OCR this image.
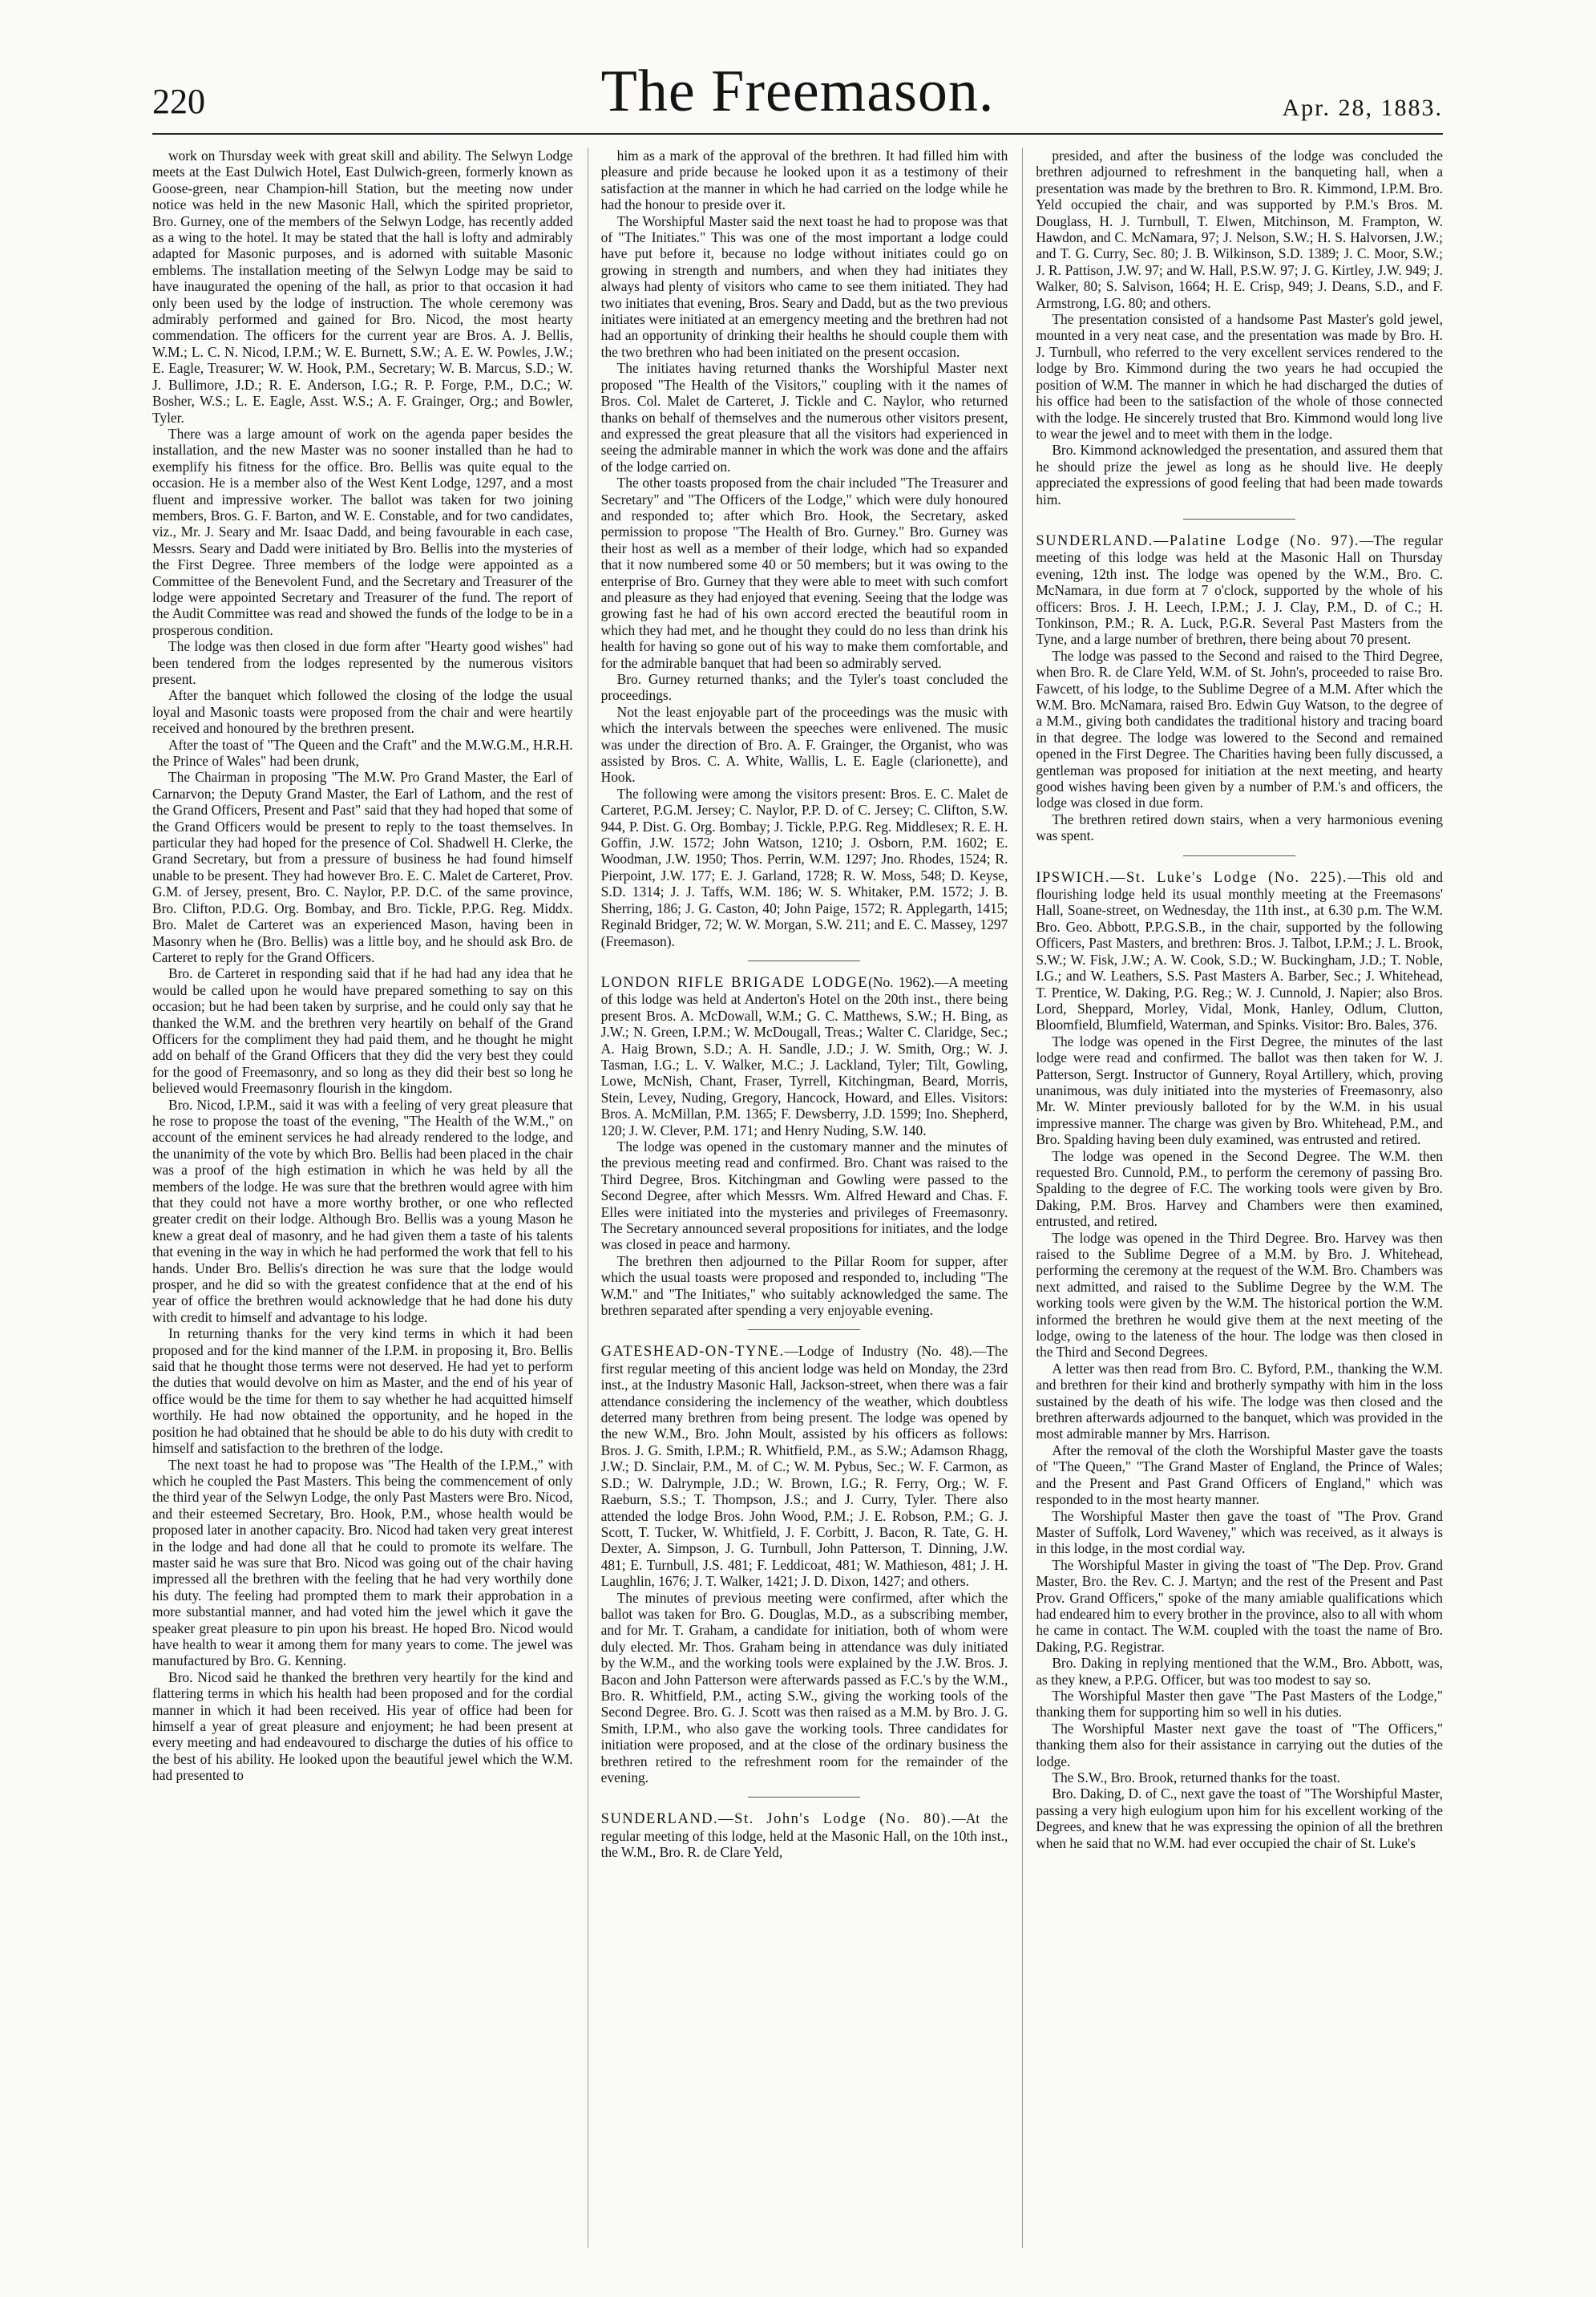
220	The Freemason.	Apr. 28, 1883.

work on Thursday week with great skill and ability. The Selwyn Lodge meets at the East Dulwich Hotel, East Dulwich-green, formerly known as Goose-green, near Champion-hill Station, but the meeting now under notice was held in the new Masonic Hall, which the spirited proprietor, Bro. Gurney, one of the members of the Selwyn Lodge, has recently added as a wing to the hotel. It may be stated that the hall is lofty and admirably adapted for Masonic purposes, and is adorned with suitable Masonic emblems. The installation meeting of the Selwyn Lodge may be said to have inaugurated the opening of the hall, as prior to that occasion it had only been used by the lodge of instruction. The whole ceremony was admirably performed and gained for Bro. Nicod, the most hearty commendation. The officers for the current year are Bros. A. J. Bellis, W.M.; L. C. N. Nicod, I.P.M.; W. E. Burnett, S.W.; A. E. W. Powles, J.W.; E. Eagle, Treasurer; W. W. Hook, P.M., Secretary; W. B. Marcus, S.D.; W. J. Bullimore, J.D.; R. E. Anderson, I.G.; R. P. Forge, P.M., D.C.; W. Bosher, W.S.; L. E. Eagle, Asst. W.S.; A. F. Grainger, Org.; and Bowler, Tyler.

There was a large amount of work on the agenda paper besides the installation, and the new Master was no sooner installed than he had to exemplify his fitness for the office. Bro. Bellis was quite equal to the occasion. He is a member also of the West Kent Lodge, 1297, and a most fluent and impressive worker. The ballot was taken for two joining members, Bros. G. F. Barton, and W. E. Constable, and for two candidates, viz., Mr. J. Seary and Mr. Isaac Dadd, and being favourable in each case, Messrs. Seary and Dadd were initiated by Bro. Bellis into the mysteries of the First Degree. Three members of the lodge were appointed as a Committee of the Benevolent Fund, and the Secretary and Treasurer of the lodge were appointed Secretary and Treasurer of the fund. The report of the Audit Committee was read and showed the funds of the lodge to be in a prosperous condition.

The lodge was then closed in due form after "Hearty good wishes" had been tendered from the lodges represented by the numerous visitors present.

After the banquet which followed the closing of the lodge the usual loyal and Masonic toasts were proposed from the chair and were heartily received and honoured by the brethren present.

After the toast of "The Queen and the Craft" and the M.W.G.M., H.R.H. the Prince of Wales" had been drunk,

The Chairman in proposing "The M.W. Pro Grand Master, the Earl of Carnarvon; the Deputy Grand Master, the Earl of Lathom, and the rest of the Grand Officers, Present and Past" said that they had hoped that some of the Grand Officers would be present to reply to the toast themselves. In particular they had hoped for the presence of Col. Shadwell H. Clerke, the Grand Secretary, but from a pressure of business he had found himself unable to be present. They had however Bro. E. C. Malet de Carteret, Prov. G.M. of Jersey, present, Bro. C. Naylor, P.P. D.C. of the same province, Bro. Clifton, P.D.G. Org. Bombay, and Bro. Tickle, P.P.G. Reg. Middx. Bro. Malet de Carteret was an experienced Mason, having been in Masonry when he (Bro. Bellis) was a little boy, and he should ask Bro. de Carteret to reply for the Grand Officers.

Bro. de Carteret in responding said that if he had had any idea that he would be called upon he would have prepared something to say on this occasion; but he had been taken by surprise, and he could only say that he thanked the W.M. and the brethren very heartily on behalf of the Grand Officers for the compliment they had paid them, and he thought he might add on behalf of the Grand Officers that they did the very best they could for the good of Freemasonry, and so long as they did their best so long he believed would Freemasonry flourish in the kingdom.

Bro. Nicod, I.P.M., said it was with a feeling of very great pleasure that he rose to propose the toast of the evening, "The Health of the W.M.," on account of the eminent services he had already rendered to the lodge, and the unanimity of the vote by which Bro. Bellis had been placed in the chair was a proof of the high estimation in which he was held by all the members of the lodge. He was sure that the brethren would agree with him that they could not have a more worthy brother, or one who reflected greater credit on their lodge. Although Bro. Bellis was a young Mason he knew a great deal of masonry, and he had given them a taste of his talents that evening in the way in which he had performed the work that fell to his hands. Under Bro. Bellis's direction he was sure that the lodge would prosper, and he did so with the greatest confidence that at the end of his year of office the brethren would acknowledge that he had done his duty with credit to himself and advantage to his lodge.

In returning thanks for the very kind terms in which it had been proposed and for the kind manner of the I.P.M. in proposing it, Bro. Bellis said that he thought those terms were not deserved. He had yet to perform the duties that would devolve on him as Master, and the end of his year of office would be the time for them to say whether he had acquitted himself worthily. He had now obtained the opportunity, and he hoped in the position he had obtained that he should be able to do his duty with credit to himself and satisfaction to the brethren of the lodge.

The next toast he had to propose was "The Health of the I.P.M.," with which he coupled the Past Masters. This being the commencement of only the third year of the Selwyn Lodge, the only Past Masters were Bro. Nicod, and their esteemed Secretary, Bro. Hook, P.M., whose health would be proposed later in another capacity. Bro. Nicod had taken very great interest in the lodge and had done all that he could to promote its welfare. The master said he was sure that Bro. Nicod was going out of the chair having impressed all the brethren with the feeling that he had very worthily done his duty. The feeling had prompted them to mark their approbation in a more substantial manner, and had voted him the jewel which it gave the speaker great pleasure to pin upon his breast. He hoped Bro. Nicod would have health to wear it among them for many years to come. The jewel was manufactured by Bro. G. Kenning.

Bro. Nicod said he thanked the brethren very heartily for the kind and flattering terms in which his health had been proposed and for the cordial manner in which it had been received. His year of office had been for himself a year of great pleasure and enjoyment; he had been present at every meeting and had endeavoured to discharge the duties of his office to the best of his ability. He looked upon the beautiful jewel which the W.M. had presented to

him as a mark of the approval of the brethren. It had filled him with pleasure and pride because he looked upon it as a testimony of their satisfaction at the manner in which he had carried on the lodge while he had the honour to preside over it.

The Worshipful Master said the next toast he had to propose was that of "The Initiates." This was one of the most important a lodge could have put before it, because no lodge without initiates could go on growing in strength and numbers, and when they had initiates they always had plenty of visitors who came to see them initiated. They had two initiates that evening, Bros. Seary and Dadd, but as the two previous initiates were initiated at an emergency meeting and the brethren had not had an opportunity of drinking their healths he should couple them with the two brethren who had been initiated on the present occasion.

The initiates having returned thanks the Worshipful Master next proposed "The Health of the Visitors," coupling with it the names of Bros. Col. Malet de Carteret, J. Tickle and C. Naylor, who returned thanks on behalf of themselves and the numerous other visitors present, and expressed the great pleasure that all the visitors had experienced in seeing the admirable manner in which the work was done and the affairs of the lodge carried on.

The other toasts proposed from the chair included "The Treasurer and Secretary" and "The Officers of the Lodge," which were duly honoured and responded to; after which Bro. Hook, the Secretary, asked permission to propose "The Health of Bro. Gurney." Bro. Gurney was their host as well as a member of their lodge, which had so expanded that it now numbered some 40 or 50 members; but it was owing to the enterprise of Bro. Gurney that they were able to meet with such comfort and pleasure as they had enjoyed that evening. Seeing that the lodge was growing fast he had of his own accord erected the beautiful room in which they had met, and he thought they could do no less than drink his health for having so gone out of his way to make them comfortable, and for the admirable banquet that had been so admirably served.

Bro. Gurney returned thanks; and the Tyler's toast concluded the proceedings.

Not the least enjoyable part of the proceedings was the music with which the intervals between the speeches were enlivened. The music was under the direction of Bro. A. F. Grainger, the Organist, who was assisted by Bros. C. A. White, Wallis, L. E. Eagle (clarionette), and Hook.

The following were among the visitors present: Bros. E. C. Malet de Carteret, P.G.M. Jersey; C. Naylor, P.P. D. of C. Jersey; C. Clifton, S.W. 944, P. Dist. G. Org. Bombay; J. Tickle, P.P.G. Reg. Middlesex; R. E. H. Goffin, J.W. 1572; John Watson, 1210; J. Osborn, P.M. 1602; E. Woodman, J.W. 1950; Thos. Perrin, W.M. 1297; Jno. Rhodes, 1524; R. Pierpoint, J.W. 177; E. J. Garland, 1728; R. W. Moss, 548; D. Keyse, S.D. 1314; J. J. Taffs, W.M. 186; W. S. Whitaker, P.M. 1572; J. B. Sherring, 186; J. G. Caston, 40; John Paige, 1572; R. Applegarth, 1415; Reginald Bridger, 72; W. W. Morgan, S.W. 211; and E. C. Massey, 1297 (Freemason).

LONDON RIFLE BRIGADE LODGE(No. 1962).—A meeting of this lodge was held at Anderton's Hotel on the 20th inst., there being present Bros. A. McDowall, W.M.; G. C. Matthews, S.W.; H. Bing, as J.W.; N. Green, I.P.M.; W. McDougall, Treas.; Walter C. Claridge, Sec.; A. Haig Brown, S.D.; A. H. Sandle, J.D.; J. W. Smith, Org.; W. J. Tasman, I.G.; L. V. Walker, M.C.; J. Lackland, Tyler; Tilt, Gowling, Lowe, McNish, Chant, Fraser, Tyrrell, Kitchingman, Beard, Morris, Stein, Levey, Nuding, Gregory, Hancock, Howard, and Elles. Visitors: Bros. A. McMillan, P.M. 1365; F. Dewsberry, J.D. 1599; Ino. Shepherd, 120; J. W. Clever, P.M. 171; and Henry Nuding, S.W. 140.

The lodge was opened in the customary manner and the minutes of the previous meeting read and confirmed. Bro. Chant was raised to the Third Degree, Bros. Kitchingman and Gowling were passed to the Second Degree, after which Messrs. Wm. Alfred Heward and Chas. F. Elles were initiated into the mysteries and privileges of Freemasonry. The Secretary announced several propositions for initiates, and the lodge was closed in peace and harmony.

The brethren then adjourned to the Pillar Room for supper, after which the usual toasts were proposed and responded to, including "The W.M." and "The Initiates," who suitably acknowledged the same. The brethren separated after spending a very enjoyable evening.

GATESHEAD-ON-TYNE.—Lodge of Industry (No. 48).—The first regular meeting of this ancient lodge was held on Monday, the 23rd inst., at the Industry Masonic Hall, Jackson-street, when there was a fair attendance considering the inclemency of the weather, which doubtless deterred many brethren from being present. The lodge was opened by the new W.M., Bro. John Moult, assisted by his officers as follows: Bros. J. G. Smith, I.P.M.; R. Whitfield, P.M., as S.W.; Adamson Rhagg, J.W.; D. Sinclair, P.M., M. of C.; W. M. Pybus, Sec.; W. F. Carmon, as S.D.; W. Dalrymple, J.D.; W. Brown, I.G.; R. Ferry, Org.; W. F. Raeburn, S.S.; T. Thompson, J.S.; and J. Curry, Tyler. There also attended the lodge Bros. John Wood, P.M.; J. E. Robson, P.M.; G. J. Scott, T. Tucker, W. Whitfield, J. F. Corbitt, J. Bacon, R. Tate, G. H. Dexter, A. Simpson, J. G. Turnbull, John Patterson, T. Dinning, J.W. 481; E. Turnbull, J.S. 481; F. Leddicoat, 481; W. Mathieson, 481; J. H. Laughlin, 1676; J. T. Walker, 1421; J. D. Dixon, 1427; and others.

The minutes of previous meeting were confirmed, after which the ballot was taken for Bro. G. Douglas, M.D., as a subscribing member, and for Mr. T. Graham, a candidate for initiation, both of whom were duly elected. Mr. Thos. Graham being in attendance was duly initiated by the W.M., and the working tools were explained by the J.W. Bros. J. Bacon and John Patterson were afterwards passed as F.C.'s by the W.M., Bro. R. Whitfield, P.M., acting S.W., giving the working tools of the Second Degree. Bro. G. J. Scott was then raised as a M.M. by Bro. J. G. Smith, I.P.M., who also gave the working tools. Three candidates for initiation were proposed, and at the close of the ordinary business the brethren retired to the refreshment room for the remainder of the evening.

SUNDERLAND.—St. John's Lodge (No. 80).—At the regular meeting of this lodge, held at the Masonic Hall, on the 10th inst., the W.M., Bro. R. de Clare Yeld,

presided, and after the business of the lodge was concluded the brethren adjourned to refreshment in the banqueting hall, when a presentation was made by the brethren to Bro. R. Kimmond, I.P.M. Bro. Yeld occupied the chair, and was supported by P.M.'s Bros. M. Douglass, H. J. Turnbull, T. Elwen, Mitchinson, M. Frampton, W. Hawdon, and C. McNamara, 97; J. Nelson, S.W.; H. S. Halvorsen, J.W.; and T. G. Curry, Sec. 80; J. B. Wilkinson, S.D. 1389; J. C. Moor, S.W.; J. R. Pattison, J.W. 97; and W. Hall, P.S.W. 97; J. G. Kirtley, J.W. 949; J. Walker, 80; S. Salvison, 1664; H. E. Crisp, 949; J. Deans, S.D., and F. Armstrong, I.G. 80; and others.

The presentation consisted of a handsome Past Master's gold jewel, mounted in a very neat case, and the presentation was made by Bro. H. J. Turnbull, who referred to the very excellent services rendered to the lodge by Bro. Kimmond during the two years he had occupied the position of W.M. The manner in which he had discharged the duties of his office had been to the satisfaction of the whole of those connected with the lodge. He sincerely trusted that Bro. Kimmond would long live to wear the jewel and to meet with them in the lodge.

Bro. Kimmond acknowledged the presentation, and assured them that he should prize the jewel as long as he should live. He deeply appreciated the expressions of good feeling that had been made towards him.

SUNDERLAND.—Palatine Lodge (No. 97).—The regular meeting of this lodge was held at the Masonic Hall on Thursday evening, 12th inst. The lodge was opened by the W.M., Bro. C. McNamara, in due form at 7 o'clock, supported by the whole of his officers: Bros. J. H. Leech, I.P.M.; J. J. Clay, P.M., D. of C.; H. Tonkinson, P.M.; R. A. Luck, P.G.R. Several Past Masters from the Tyne, and a large number of brethren, there being about 70 present.

The lodge was passed to the Second and raised to the Third Degree, when Bro. R. de Clare Yeld, W.M. of St. John's, proceeded to raise Bro. Fawcett, of his lodge, to the Sublime Degree of a M.M. After which the W.M. Bro. McNamara, raised Bro. Edwin Guy Watson, to the degree of a M.M., giving both candidates the traditional history and tracing board in that degree. The lodge was lowered to the Second and remained opened in the First Degree. The Charities having been fully discussed, a gentleman was proposed for initiation at the next meeting, and hearty good wishes having been given by a number of P.M.'s and officers, the lodge was closed in due form.

The brethren retired down stairs, when a very harmonious evening was spent.

IPSWICH.—St. Luke's Lodge (No. 225).—This old and flourishing lodge held its usual monthly meeting at the Freemasons' Hall, Soane-street, on Wednesday, the 11th inst., at 6.30 p.m. The W.M. Bro. Geo. Abbott, P.P.G.S.B., in the chair, supported by the following Officers, Past Masters, and brethren: Bros. J. Talbot, I.P.M.; J. L. Brook, S.W.; W. Fisk, J.W.; A. W. Cook, S.D.; W. Buckingham, J.D.; T. Noble, I.G.; and W. Leathers, S.S. Past Masters A. Barber, Sec.; J. Whitehead, T. Prentice, W. Daking, P.G. Reg.; W. J. Cunnold, J. Napier; also Bros. Lord, Sheppard, Morley, Vidal, Monk, Hanley, Odlum, Clutton, Bloomfield, Blumfield, Waterman, and Spinks. Visitor: Bro. Bales, 376.

The lodge was opened in the First Degree, the minutes of the last lodge were read and confirmed. The ballot was then taken for W. J. Patterson, Sergt. Instructor of Gunnery, Royal Artillery, which, proving unanimous, was duly initiated into the mysteries of Freemasonry, also Mr. W. Minter previously balloted for by the W.M. in his usual impressive manner. The charge was given by Bro. Whitehead, P.M., and Bro. Spalding having been duly examined, was entrusted and retired.

The lodge was opened in the Second Degree. The W.M. then requested Bro. Cunnold, P.M., to perform the ceremony of passing Bro. Spalding to the degree of F.C. The working tools were given by Bro. Daking, P.M. Bros. Harvey and Chambers were then examined, entrusted, and retired.

The lodge was opened in the Third Degree. Bro. Harvey was then raised to the Sublime Degree of a M.M. by Bro. J. Whitehead, performing the ceremony at the request of the W.M. Bro. Chambers was next admitted, and raised to the Sublime Degree by the W.M. The working tools were given by the W.M. The historical portion the W.M. informed the brethren he would give them at the next meeting of the lodge, owing to the lateness of the hour. The lodge was then closed in the Third and Second Degrees.

A letter was then read from Bro. C. Byford, P.M., thanking the W.M. and brethren for their kind and brotherly sympathy with him in the loss sustained by the death of his wife. The lodge was then closed and the brethren afterwards adjourned to the banquet, which was provided in the most admirable manner by Mrs. Harrison.

After the removal of the cloth the Worshipful Master gave the toasts of "The Queen," "The Grand Master of England, the Prince of Wales; and the Present and Past Grand Officers of England," which was responded to in the most hearty manner.

The Worshipful Master then gave the toast of "The Prov. Grand Master of Suffolk, Lord Waveney," which was received, as it always is in this lodge, in the most cordial way.

The Worshipful Master in giving the toast of "The Dep. Prov. Grand Master, Bro. the Rev. C. J. Martyn; and the rest of the Present and Past Prov. Grand Officers," spoke of the many amiable qualifications which had endeared him to every brother in the province, also to all with whom he came in contact. The W.M. coupled with the toast the name of Bro. Daking, P.G. Registrar.

Bro. Daking in replying mentioned that the W.M., Bro. Abbott, was, as they knew, a P.P.G. Officer, but was too modest to say so.

The Worshipful Master then gave "The Past Masters of the Lodge," thanking them for supporting him so well in his duties.

The Worshipful Master next gave the toast of "The Officers," thanking them also for their assistance in carrying out the duties of the lodge.

The S.W., Bro. Brook, returned thanks for the toast.

Bro. Daking, D. of C., next gave the toast of "The Worshipful Master, passing a very high eulogium upon him for his excellent working of the Degrees, and knew that he was expressing the opinion of all the brethren when he said that no W.M. had ever occupied the chair of St. Luke's
